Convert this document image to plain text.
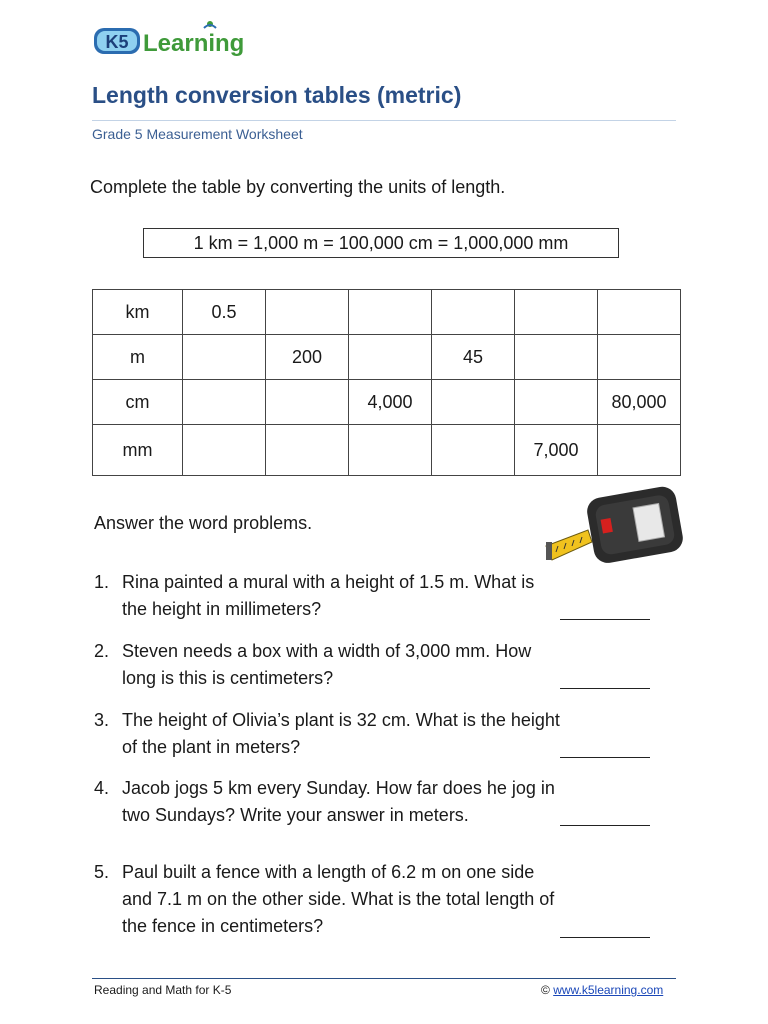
K5 Learning
Length conversion tables (metric)
Grade 5 Measurement Worksheet
Complete the table by converting the units of length.
1 km = 1,000 m = 100,000 cm = 1,000,000 mm
km	0.5					
m		200		45		
cm			4,000			80,000
mm					7,000	
Answer the word problems.
1. Rina painted a mural with a height of 1.5 m. What is the height in millimeters?
2. Steven needs a box with a width of 3,000 mm. How long is this is centimeters?
3. The height of Olivia’s plant is 32 cm. What is the height of the plant in meters?
4. Jacob jogs 5 km every Sunday. How far does he jog in two Sundays? Write your answer in meters.
5. Paul built a fence with a length of 6.2 m on one side and 7.1 m on the other side. What is the total length of the fence in centimeters?
Reading and Math for K-5	© www.k5learning.com
